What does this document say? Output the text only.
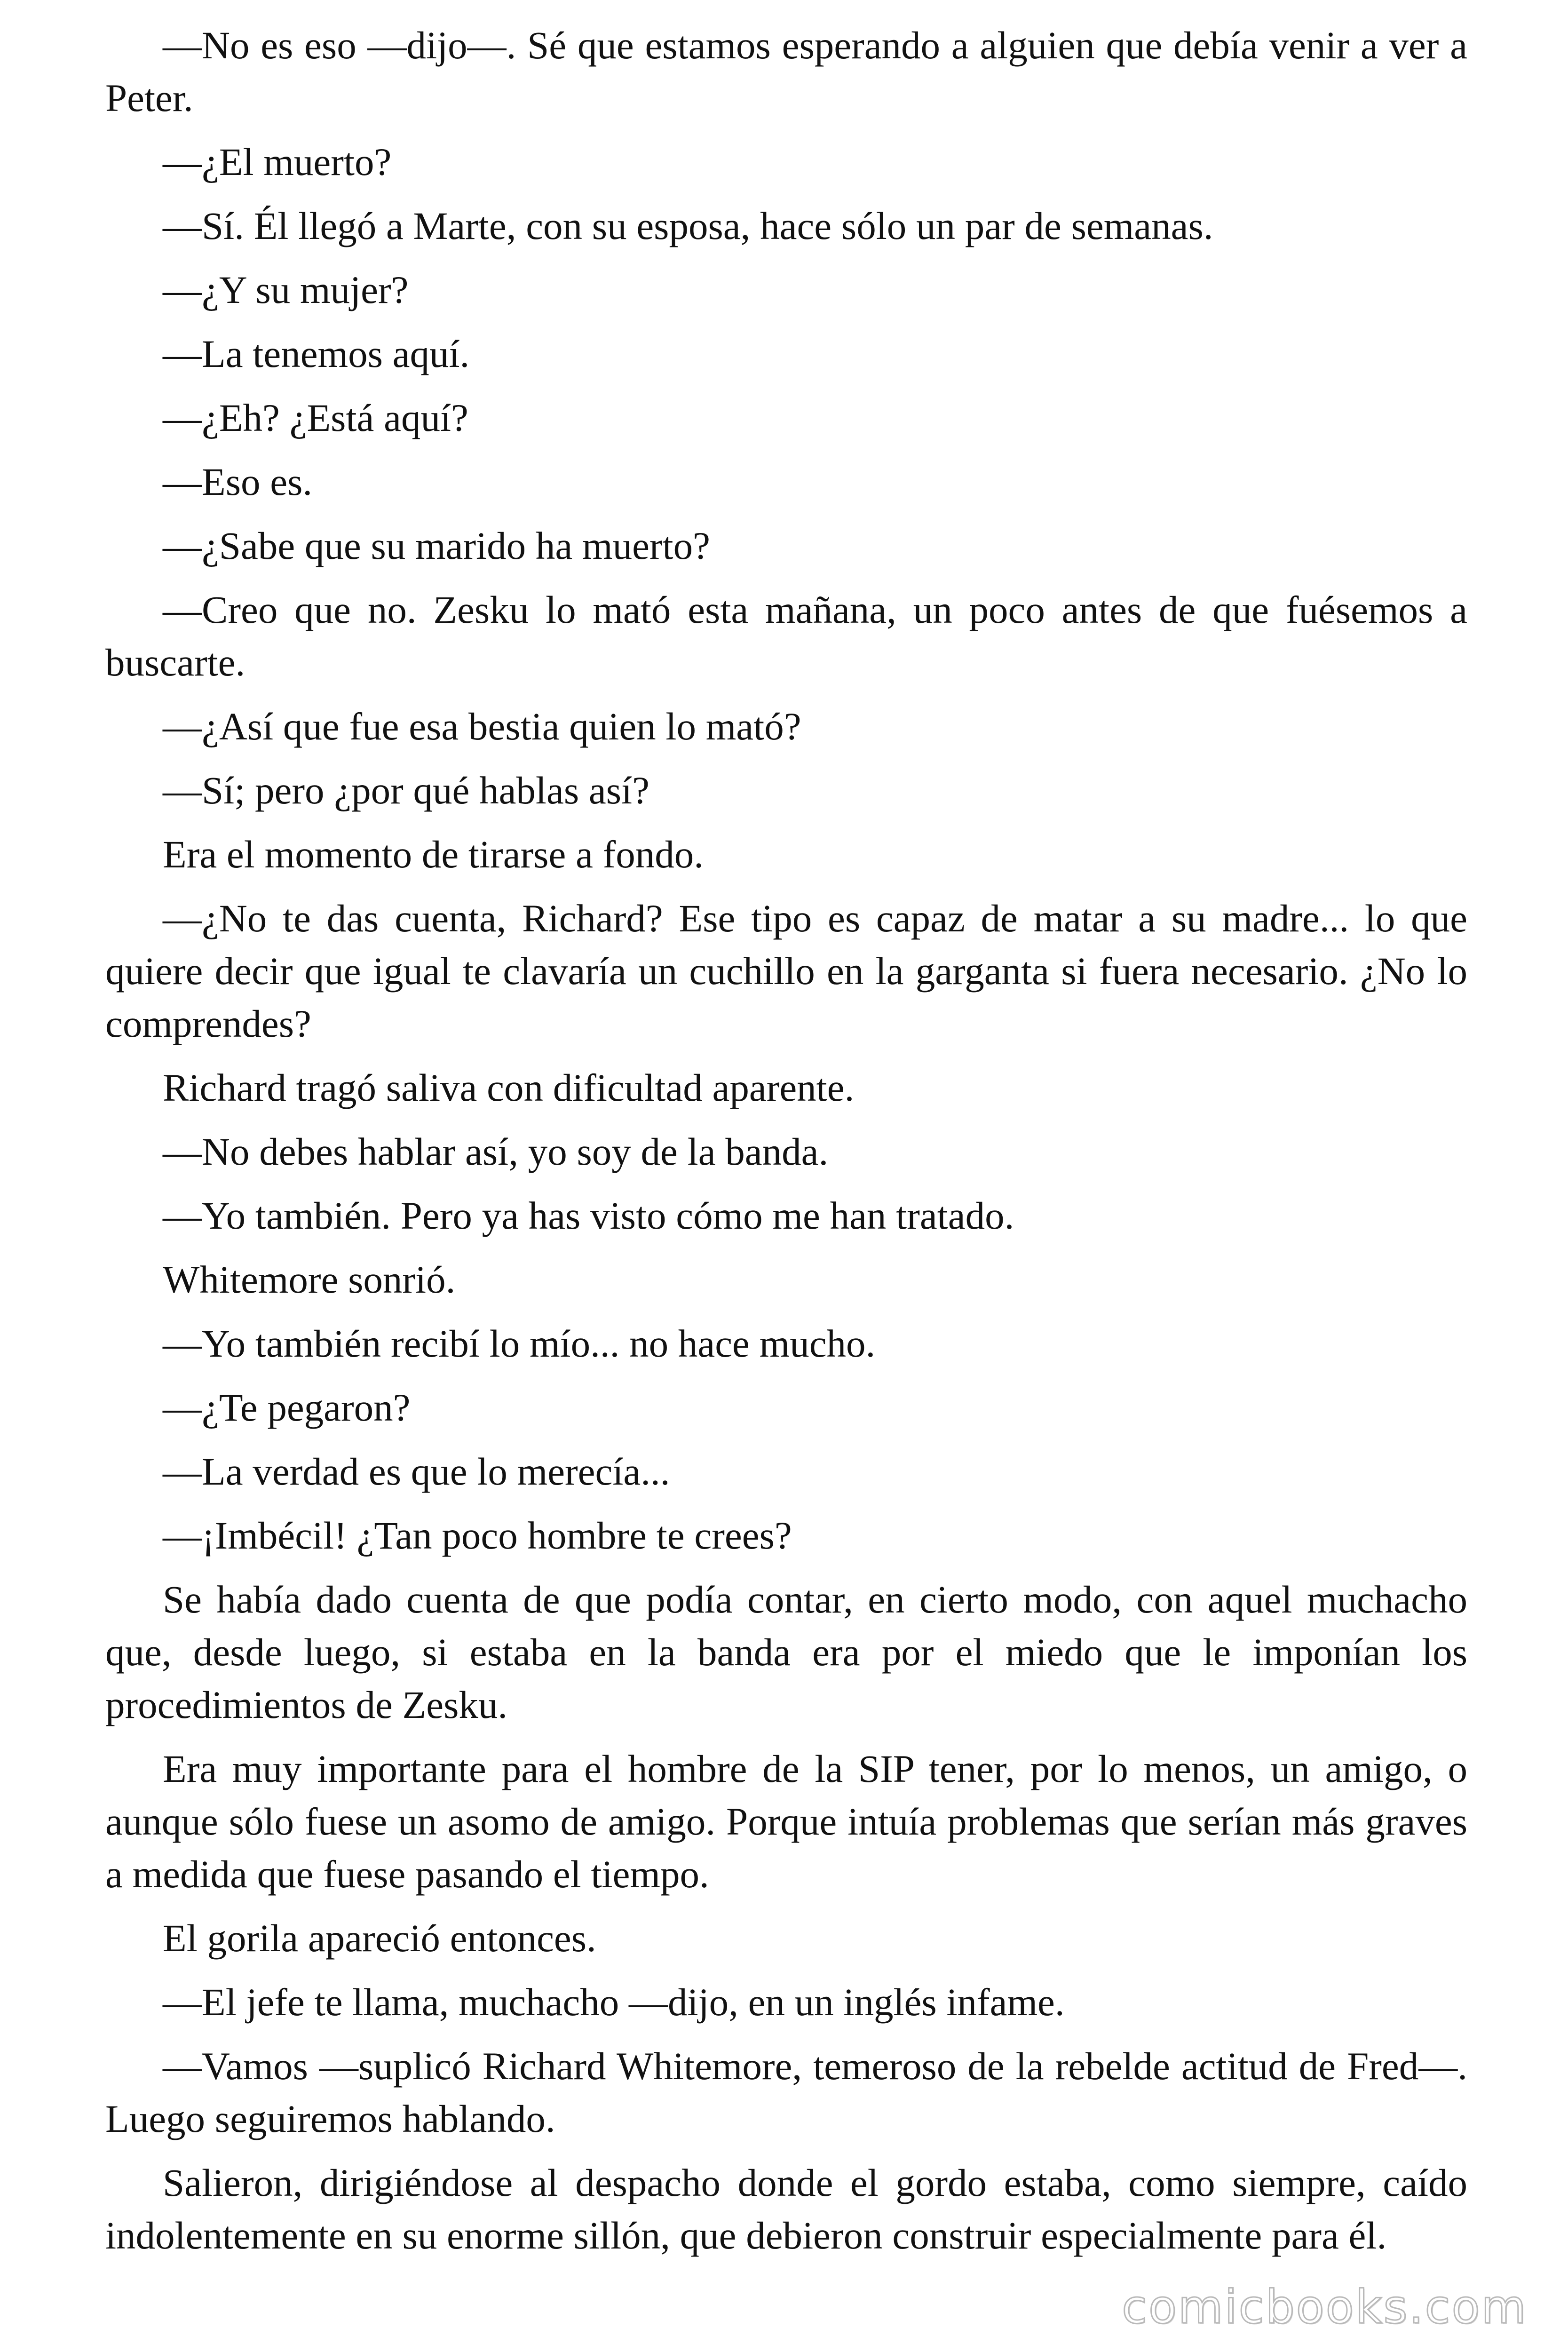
—No es eso —dijo—. Sé que estamos esperando a alguien que debía venir a ver a Peter.

—¿El muerto?

—Sí. Él llegó a Marte, con su esposa, hace sólo un par de semanas.

—¿Y su mujer?

—La tenemos aquí.

—¿Eh? ¿Está aquí?

—Eso es.

—¿Sabe que su marido ha muerto?

—Creo que no. Zesku lo mató esta mañana, un poco antes de que fuésemos a buscarte.

—¿Así que fue esa bestia quien lo mató?

—Sí; pero ¿por qué hablas así?

Era el momento de tirarse a fondo.

—¿No te das cuenta, Richard? Ese tipo es capaz de matar a su madre... lo que quiere decir que igual te clavaría un cuchillo en la garganta si fuera necesario. ¿No lo comprendes?

Richard tragó saliva con dificultad aparente.

—No debes hablar así, yo soy de la banda.

—Yo también. Pero ya has visto cómo me han tratado.

Whitemore sonrió.

—Yo también recibí lo mío... no hace mucho.

—¿Te pegaron?

—La verdad es que lo merecía...

—¡Imbécil! ¿Tan poco hombre te crees?

Se había dado cuenta de que podía contar, en cierto modo, con aquel muchacho que, desde luego, si estaba en la banda era por el miedo que le imponían los procedimientos de Zesku.

Era muy importante para el hombre de la SIP tener, por lo menos, un amigo, o aunque sólo fuese un asomo de amigo. Porque intuía problemas que serían más graves a medida que fuese pasando el tiempo.

El gorila apareció entonces.

—El jefe te llama, muchacho —dijo, en un inglés infame.

—Vamos —suplicó Richard Whitemore, temeroso de la rebelde actitud de Fred—. Luego seguiremos hablando.

Salieron, dirigiéndose al despacho donde el gordo estaba, como siempre, caído indolentemente en su enorme sillón, que debieron construir especialmente para él.

comicbooks.com
